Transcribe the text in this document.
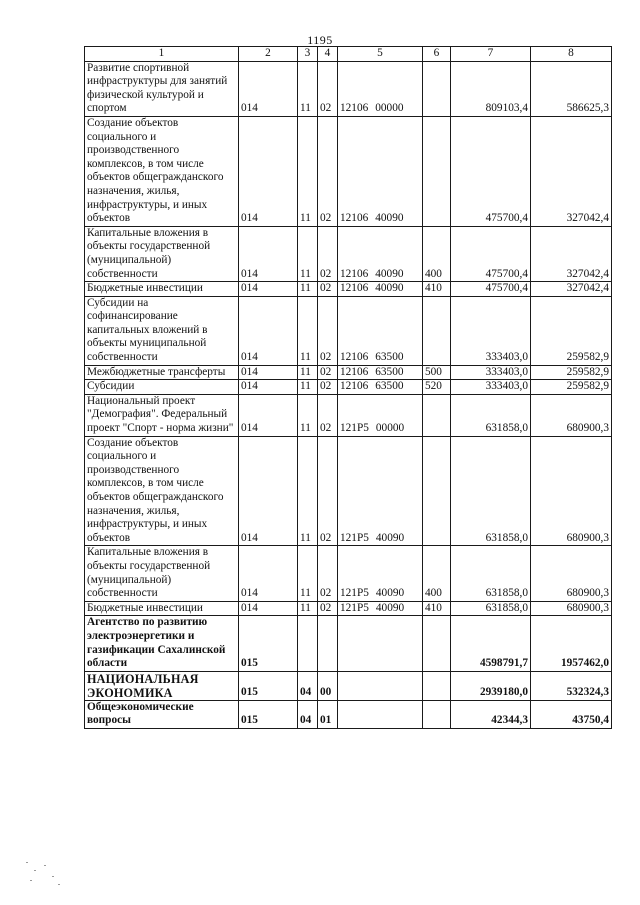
1195
1	2	3	4	5	6	7	8
Развитие спортивной инфраструктуры для занятий физической культурой и спортом	014	11	02	12106 00000		809103,4	586625,3
Создание объектов социального и производственного комплексов, в том числе объектов общегражданского назначения, жилья, инфраструктуры, и иных объектов	014	11	02	12106 40090		475700,4	327042,4
Капитальные вложения в объекты государственной (муниципальной) собственности	014	11	02	12106 40090	400	475700,4	327042,4
Бюджетные инвестиции	014	11	02	12106 40090	410	475700,4	327042,4
Субсидии на софинансирование капитальных вложений в объекты муниципальной собственности	014	11	02	12106 63500		333403,0	259582,9
Межбюджетные трансферты	014	11	02	12106 63500	500	333403,0	259582,9
Субсидии	014	11	02	12106 63500	520	333403,0	259582,9
Национальный проект "Демография". Федеральный проект "Спорт - норма жизни"	014	11	02	121P5 00000		631858,0	680900,3
Создание объектов социального и производственного комплексов, в том числе объектов общегражданского назначения, жилья, инфраструктуры, и иных объектов	014	11	02	121P5 40090		631858,0	680900,3
Капитальные вложения в объекты государственной (муниципальной) собственности	014	11	02	121P5 40090	400	631858,0	680900,3
Бюджетные инвестиции	014	11	02	121P5 40090	410	631858,0	680900,3
Агентство по развитию электроэнергетики и газификации Сахалинской области	015					4598791,7	1957462,0
НАЦИОНАЛЬНАЯ ЭКОНОМИКА	015	04	00			2939180,0	532324,3
Общеэкономические вопросы	015	04	01			42344,3	43750,4
